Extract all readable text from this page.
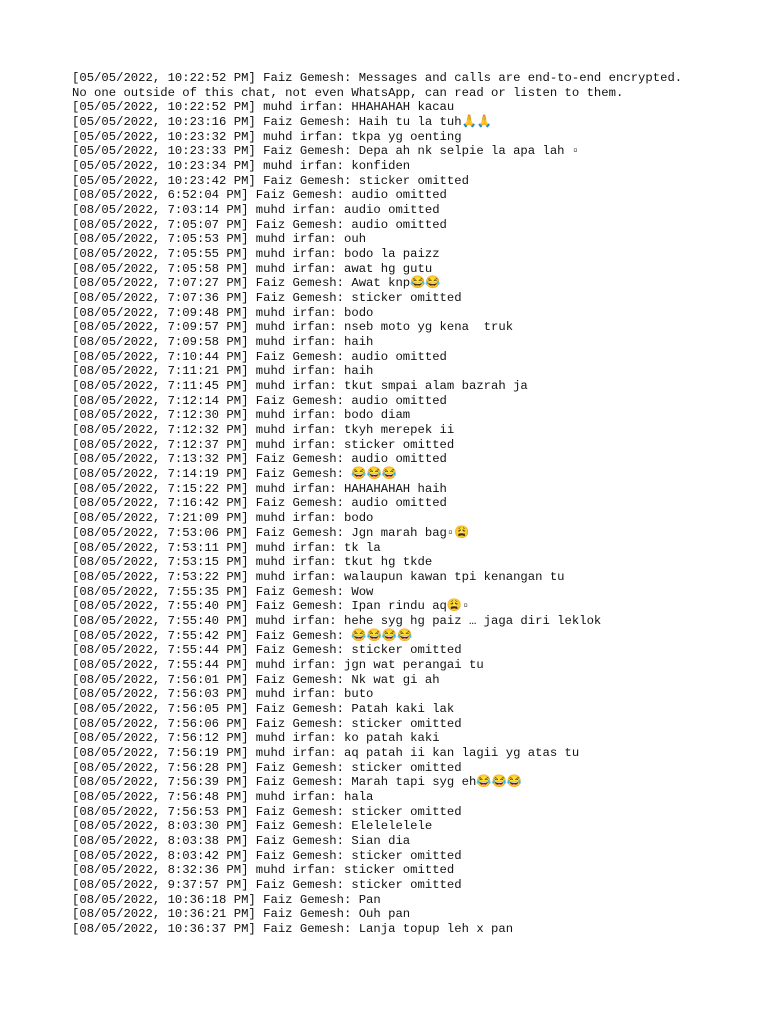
[05/05/2022, 10:22:52 PM] Faiz Gemesh: Messages and calls are end-to-end encrypted.
No one outside of this chat, not even WhatsApp, can read or listen to them.
[05/05/2022, 10:22:52 PM] muhd irfan: HHAHAHAH kacau
[05/05/2022, 10:23:16 PM] Faiz Gemesh: Haih tu la tuh🙏🙏
[05/05/2022, 10:23:32 PM] muhd irfan: tkpa yg oenting
[05/05/2022, 10:23:33 PM] Faiz Gemesh: Depa ah nk selpie la apa lah ▫
[05/05/2022, 10:23:34 PM] muhd irfan: konfiden
[05/05/2022, 10:23:42 PM] Faiz Gemesh: sticker omitted
[08/05/2022, 6:52:04 PM] Faiz Gemesh: audio omitted
[08/05/2022, 7:03:14 PM] muhd irfan: audio omitted
[08/05/2022, 7:05:07 PM] Faiz Gemesh: audio omitted
[08/05/2022, 7:05:53 PM] muhd irfan: ouh
[08/05/2022, 7:05:55 PM] muhd irfan: bodo la paizz
[08/05/2022, 7:05:58 PM] muhd irfan: awat hg gutu
[08/05/2022, 7:07:27 PM] Faiz Gemesh: Awat knp😂😂
[08/05/2022, 7:07:36 PM] Faiz Gemesh: sticker omitted
[08/05/2022, 7:09:48 PM] muhd irfan: bodo
[08/05/2022, 7:09:57 PM] muhd irfan: nseb moto yg kena  truk
[08/05/2022, 7:09:58 PM] muhd irfan: haih
[08/05/2022, 7:10:44 PM] Faiz Gemesh: audio omitted
[08/05/2022, 7:11:21 PM] muhd irfan: haih
[08/05/2022, 7:11:45 PM] muhd irfan: tkut smpai alam bazrah ja
[08/05/2022, 7:12:14 PM] Faiz Gemesh: audio omitted
[08/05/2022, 7:12:30 PM] muhd irfan: bodo diam
[08/05/2022, 7:12:32 PM] muhd irfan: tkyh merepek ii
[08/05/2022, 7:12:37 PM] muhd irfan: sticker omitted
[08/05/2022, 7:13:32 PM] Faiz Gemesh: audio omitted
[08/05/2022, 7:14:19 PM] Faiz Gemesh: 😂😂😂
[08/05/2022, 7:15:22 PM] muhd irfan: HAHAHAHAH haih
[08/05/2022, 7:16:42 PM] Faiz Gemesh: audio omitted
[08/05/2022, 7:21:09 PM] muhd irfan: bodo
[08/05/2022, 7:53:06 PM] Faiz Gemesh: Jgn marah bag▫😩
[08/05/2022, 7:53:11 PM] muhd irfan: tk la
[08/05/2022, 7:53:15 PM] muhd irfan: tkut hg tkde
[08/05/2022, 7:53:22 PM] muhd irfan: walaupun kawan tpi kenangan tu
[08/05/2022, 7:55:35 PM] Faiz Gemesh: Wow
[08/05/2022, 7:55:40 PM] Faiz Gemesh: Ipan rindu aq😩▫
[08/05/2022, 7:55:40 PM] muhd irfan: hehe syg hg paiz … jaga diri leklok
[08/05/2022, 7:55:42 PM] Faiz Gemesh: 😂😂😂😂
[08/05/2022, 7:55:44 PM] Faiz Gemesh: sticker omitted
[08/05/2022, 7:55:44 PM] muhd irfan: jgn wat perangai tu
[08/05/2022, 7:56:01 PM] Faiz Gemesh: Nk wat gi ah
[08/05/2022, 7:56:03 PM] muhd irfan: buto
[08/05/2022, 7:56:05 PM] Faiz Gemesh: Patah kaki lak
[08/05/2022, 7:56:06 PM] Faiz Gemesh: sticker omitted
[08/05/2022, 7:56:12 PM] muhd irfan: ko patah kaki
[08/05/2022, 7:56:19 PM] muhd irfan: aq patah ii kan lagii yg atas tu
[08/05/2022, 7:56:28 PM] Faiz Gemesh: sticker omitted
[08/05/2022, 7:56:39 PM] Faiz Gemesh: Marah tapi syg eh😂😂😂
[08/05/2022, 7:56:48 PM] muhd irfan: hala
[08/05/2022, 7:56:53 PM] Faiz Gemesh: sticker omitted
[08/05/2022, 8:03:30 PM] Faiz Gemesh: Elelelelele
[08/05/2022, 8:03:38 PM] Faiz Gemesh: Sian dia
[08/05/2022, 8:03:42 PM] Faiz Gemesh: sticker omitted
[08/05/2022, 8:32:36 PM] muhd irfan: sticker omitted
[08/05/2022, 9:37:57 PM] Faiz Gemesh: sticker omitted
[08/05/2022, 10:36:18 PM] Faiz Gemesh: Pan
[08/05/2022, 10:36:21 PM] Faiz Gemesh: Ouh pan
[08/05/2022, 10:36:37 PM] Faiz Gemesh: Lanja topup leh x pan
